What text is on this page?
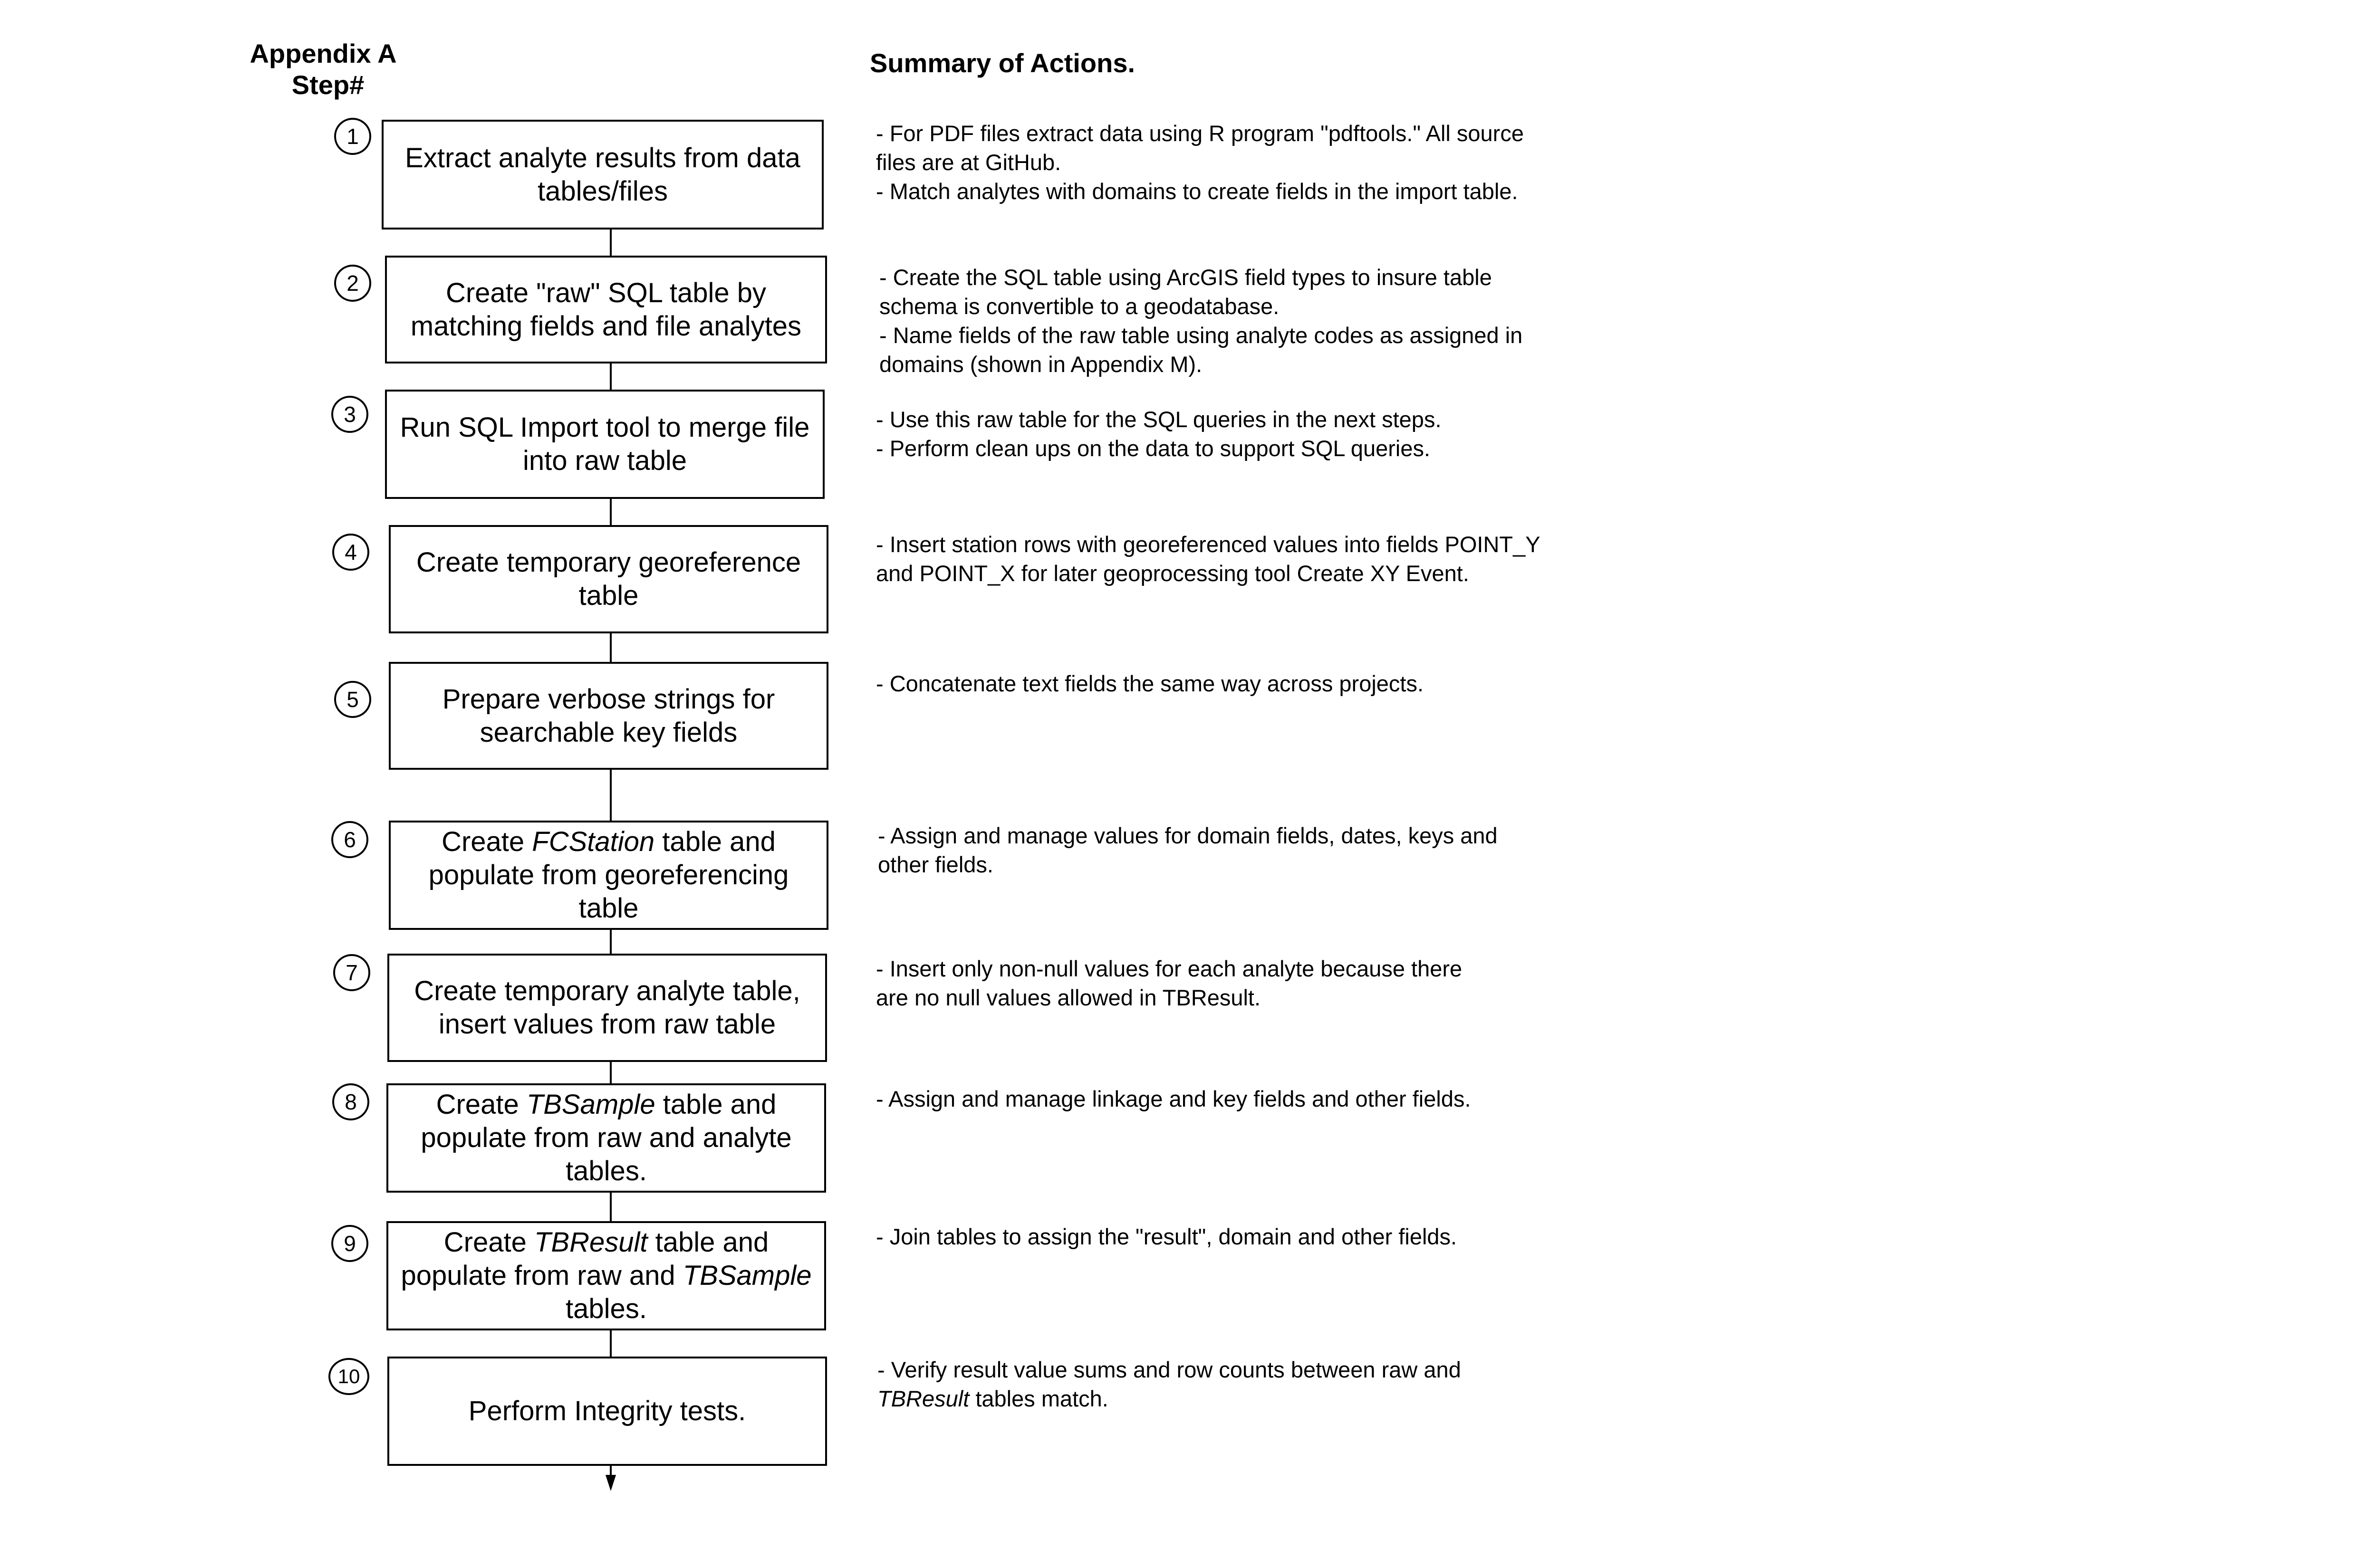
Appendix A
Step#
Summary of Actions.
1
Extract analyte results from data tables/files

- For PDF files extract data using R program "pdftools." All source files are at GitHub.

- Match analytes with domains to create fields in the import table.

2	Create "raw" SQL table by matching fields and file analytes

- Create the SQL table using ArcGIS field types to insure table schema is convertible to a geodatabase.

- Name fields of the raw table using analyte codes as assigned in domains (shown in Appendix M).

3	Run SQL Import tool to merge file into raw table

- Use this raw table for the SQL queries in the next steps.

- Perform clean ups on the data to support SQL queries.

4	Create temporary georeference table

- Insert station rows with georeferenced values into fields POINT_Y and POINT_X for later geoprocessing tool Create XY Event.

5	Prepare verbose strings for searchable key fields

- Concatenate text fields the same way across projects.

6	Create FCStation table and populate from georeferencing table

- Assign and manage values for domain fields, dates, keys and other fields.

7
Create temporary analyte table, insert values from raw table

- Insert only non-null values for each analyte because there are no null values allowed in TBResult.

8	Create TBSample table and populate from raw and analyte tables.

- Assign and manage linkage and key fields and other fields.

9	Create TBResult table and populate from raw and TBSample tables.

- Join tables to assign the "result", domain and other fields.

10
Perform Integrity tests.

- Verify result value sums and row counts between raw and TBResult tables match.
